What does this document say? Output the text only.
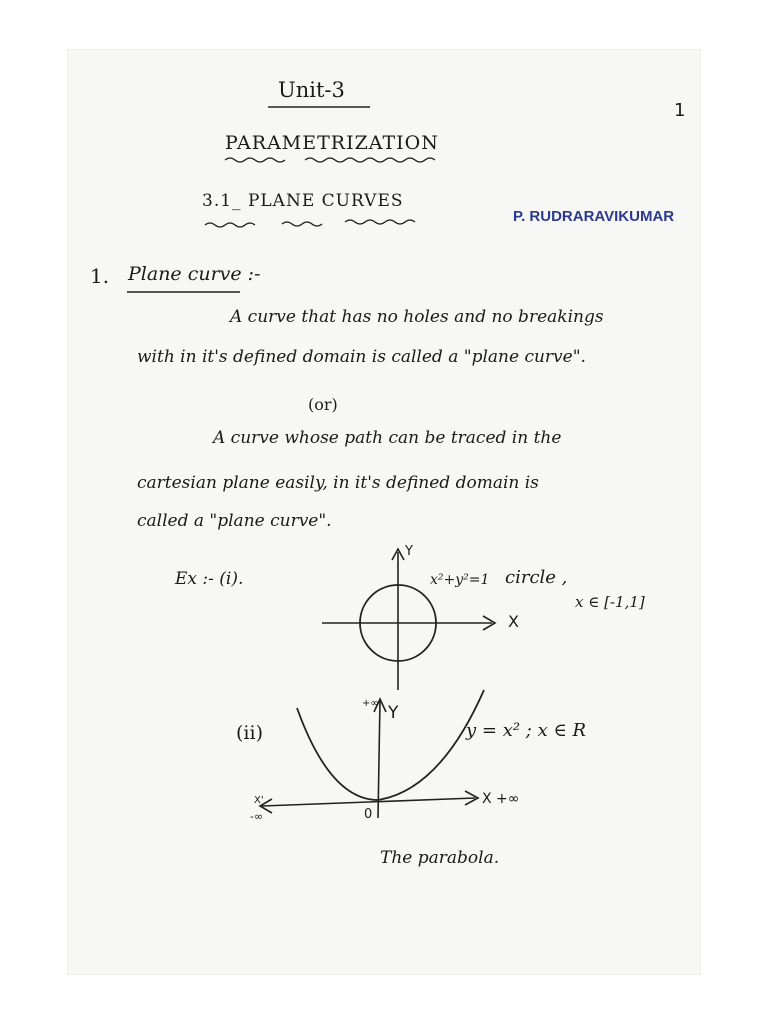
1
Unit-3
PARAMETRIZATION
3.1_ PLANE CURVES
P. RUDRARAVIKUMAR
1. Plane curve :-
A curve that has no holes and no breakings
with in it's defined domain is called a "plane curve".
(or)
A curve whose path can be traced in the
cartesian plane easily, in it's defined domain is
called a "plane curve".
Ex :- (i).	x²+y²=1 circle ,
x ∈ [-1,1]
X
Y
(ii)	y = x² ; x ∈ R
Y
+∞
X +∞
X'
-∞	0
The parabola.
